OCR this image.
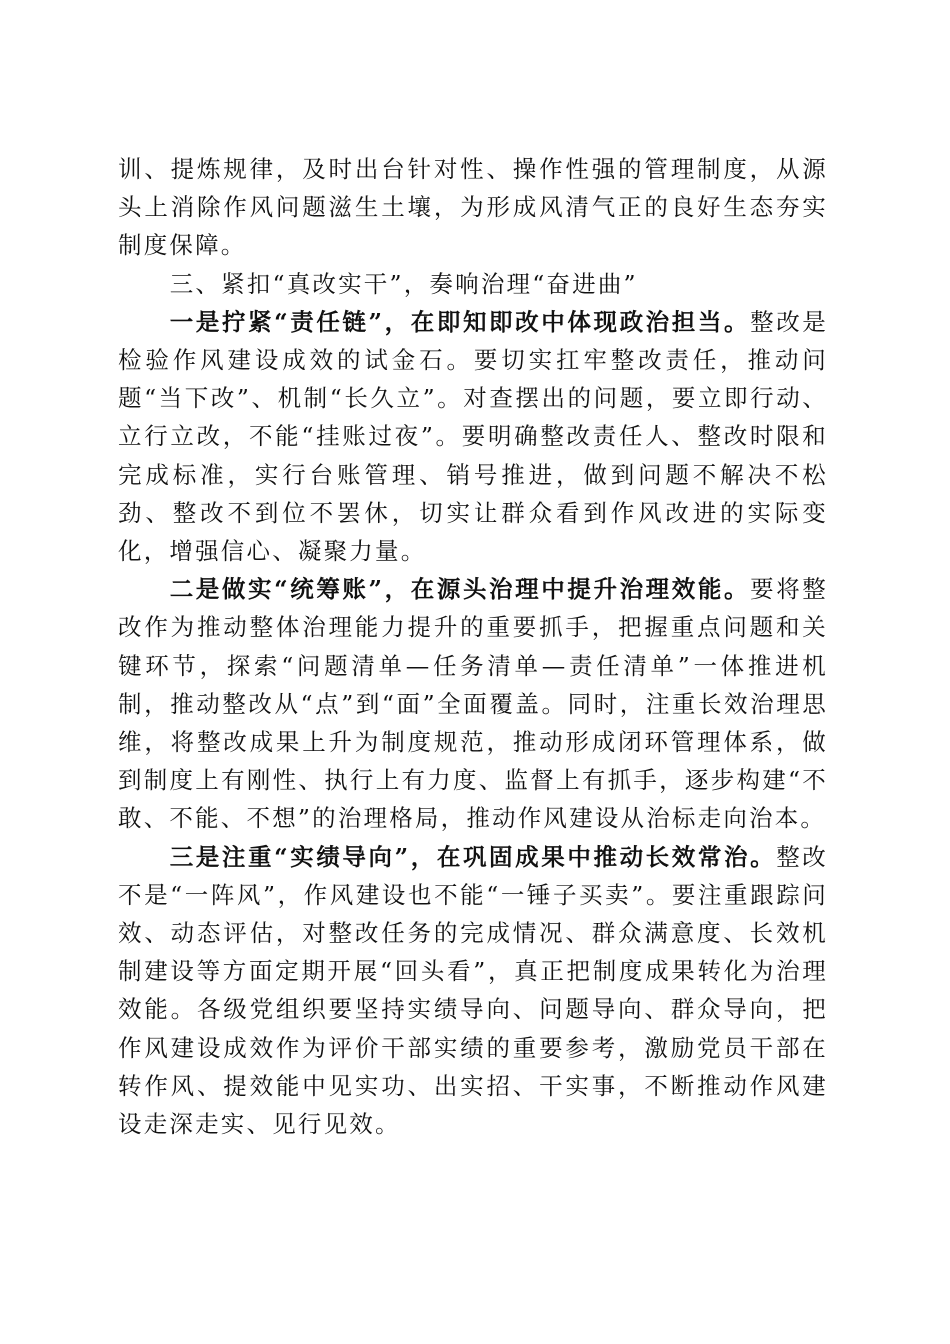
训、提炼规律，及时出台针对性、操作性强的管理制度，从源头上消除作风问题滋生土壤，为形成风清气正的良好生态夯实制度保障。

三、紧扣“真改实干”，奏响治理“奋进曲”

一是拧紧“责任链”，在即知即改中体现政治担当。整改是检验作风建设成效的试金石。要切实扛牢整改责任，推动问题“当下改”、机制“长久立”。对查摆出的问题，要立即行动、立行立改，不能“挂账过夜”。要明确整改责任人、整改时限和完成标准，实行台账管理、销号推进，做到问题不解决不松劲、整改不到位不罢休，切实让群众看到作风改进的实际变化，增强信心、凝聚力量。

二是做实“统筹账”，在源头治理中提升治理效能。要将整改作为推动整体治理能力提升的重要抓手，把握重点问题和关键环节，探索“问题清单—任务清单—责任清单”一体推进机制，推动整改从“点”到“面”全面覆盖。同时，注重长效治理思维，将整改成果上升为制度规范，推动形成闭环管理体系，做到制度上有刚性、执行上有力度、监督上有抓手，逐步构建“不敢、不能、不想”的治理格局，推动作风建设从治标走向治本。

三是注重“实绩导向”，在巩固成果中推动长效常治。整改不是“一阵风”，作风建设也不能“一锤子买卖”。要注重跟踪问效、动态评估，对整改任务的完成情况、群众满意度、长效机制建设等方面定期开展“回头看”，真正把制度成果转化为治理效能。各级党组织要坚持实绩导向、问题导向、群众导向，把作风建设成效作为评价干部实绩的重要参考，激励党员干部在转作风、提效能中见实功、出实招、干实事，不断推动作风建设走深走实、见行见效。
